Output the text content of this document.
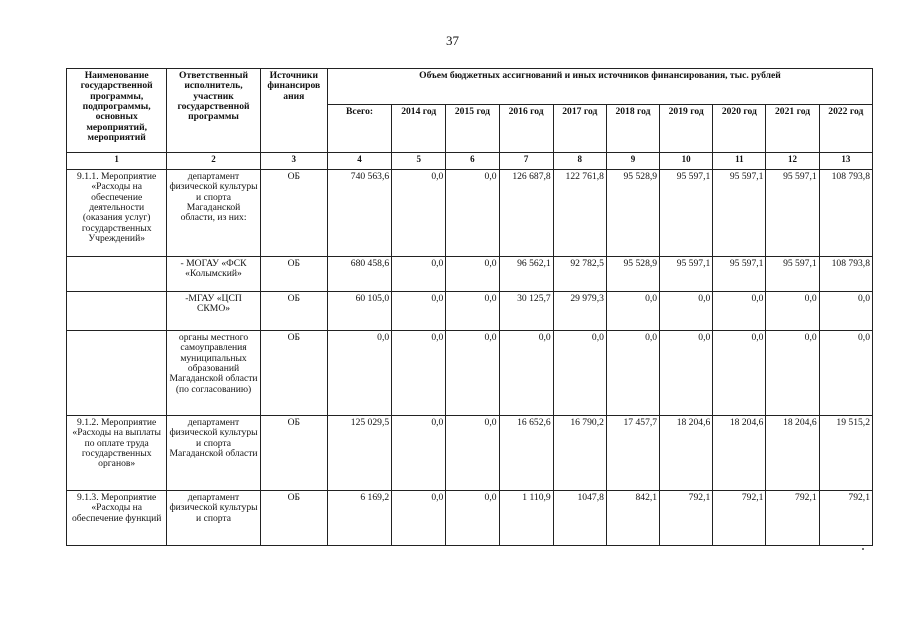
37
Наименование государственной программы, подпрограммы, основных мероприятий, мероприятий	Ответственный исполнитель, участник государственной программы	Источники финансиров ания	Объем бюджетных ассигнований и иных источников финансирования, тыс. рублей									
			Всего:	2014 год	2015 год	2016 год	2017 год	2018 год	2019 год	2020 год	2021 год	2022 год
1	2	3	4	5	6	7	8	9	10	11	12	13
9.1.1. Мероприятие «Расходы на обеспечение деятельности (оказания услуг) государственных Учреждений»	департамент физической культуры и спорта Магаданской области, из них:	ОБ	740 563,6	0,0	0,0	126 687,8	122 761,8	95 528,9	95 597,1	95 597,1	95 597,1	108 793,8
	- МОГАУ «ФСК «Колымский»	ОБ	680 458,6	0,0	0,0	96 562,1	92 782,5	95 528,9	95 597,1	95 597,1	95 597,1	108 793,8
	-МГАУ «ЦСП СКМО»	ОБ	60 105,0	0,0	0,0	30 125,7	29 979,3	0,0	0,0	0,0	0,0	0,0
	органы местного самоуправления муниципальных образований Магаданской области (по согласованию)	ОБ	0,0	0,0	0,0	0,0	0,0	0,0	0,0	0,0	0,0	0,0
9.1.2. Мероприятие «Расходы на выплаты по оплате труда государственных органов»	департамент физической культуры и спорта Магаданской области	ОБ	125 029,5	0,0	0,0	16 652,6	16 790,2	17 457,7	18 204,6	18 204,6	18 204,6	19 515,2
9.1.3. Мероприятие «Расходы на обеспечение функций	департамент физической культуры и спорта	ОБ	6 169,2	0,0	0,0	1 110,9	1047,8	842,1	792,1	792,1	792,1	792,1
